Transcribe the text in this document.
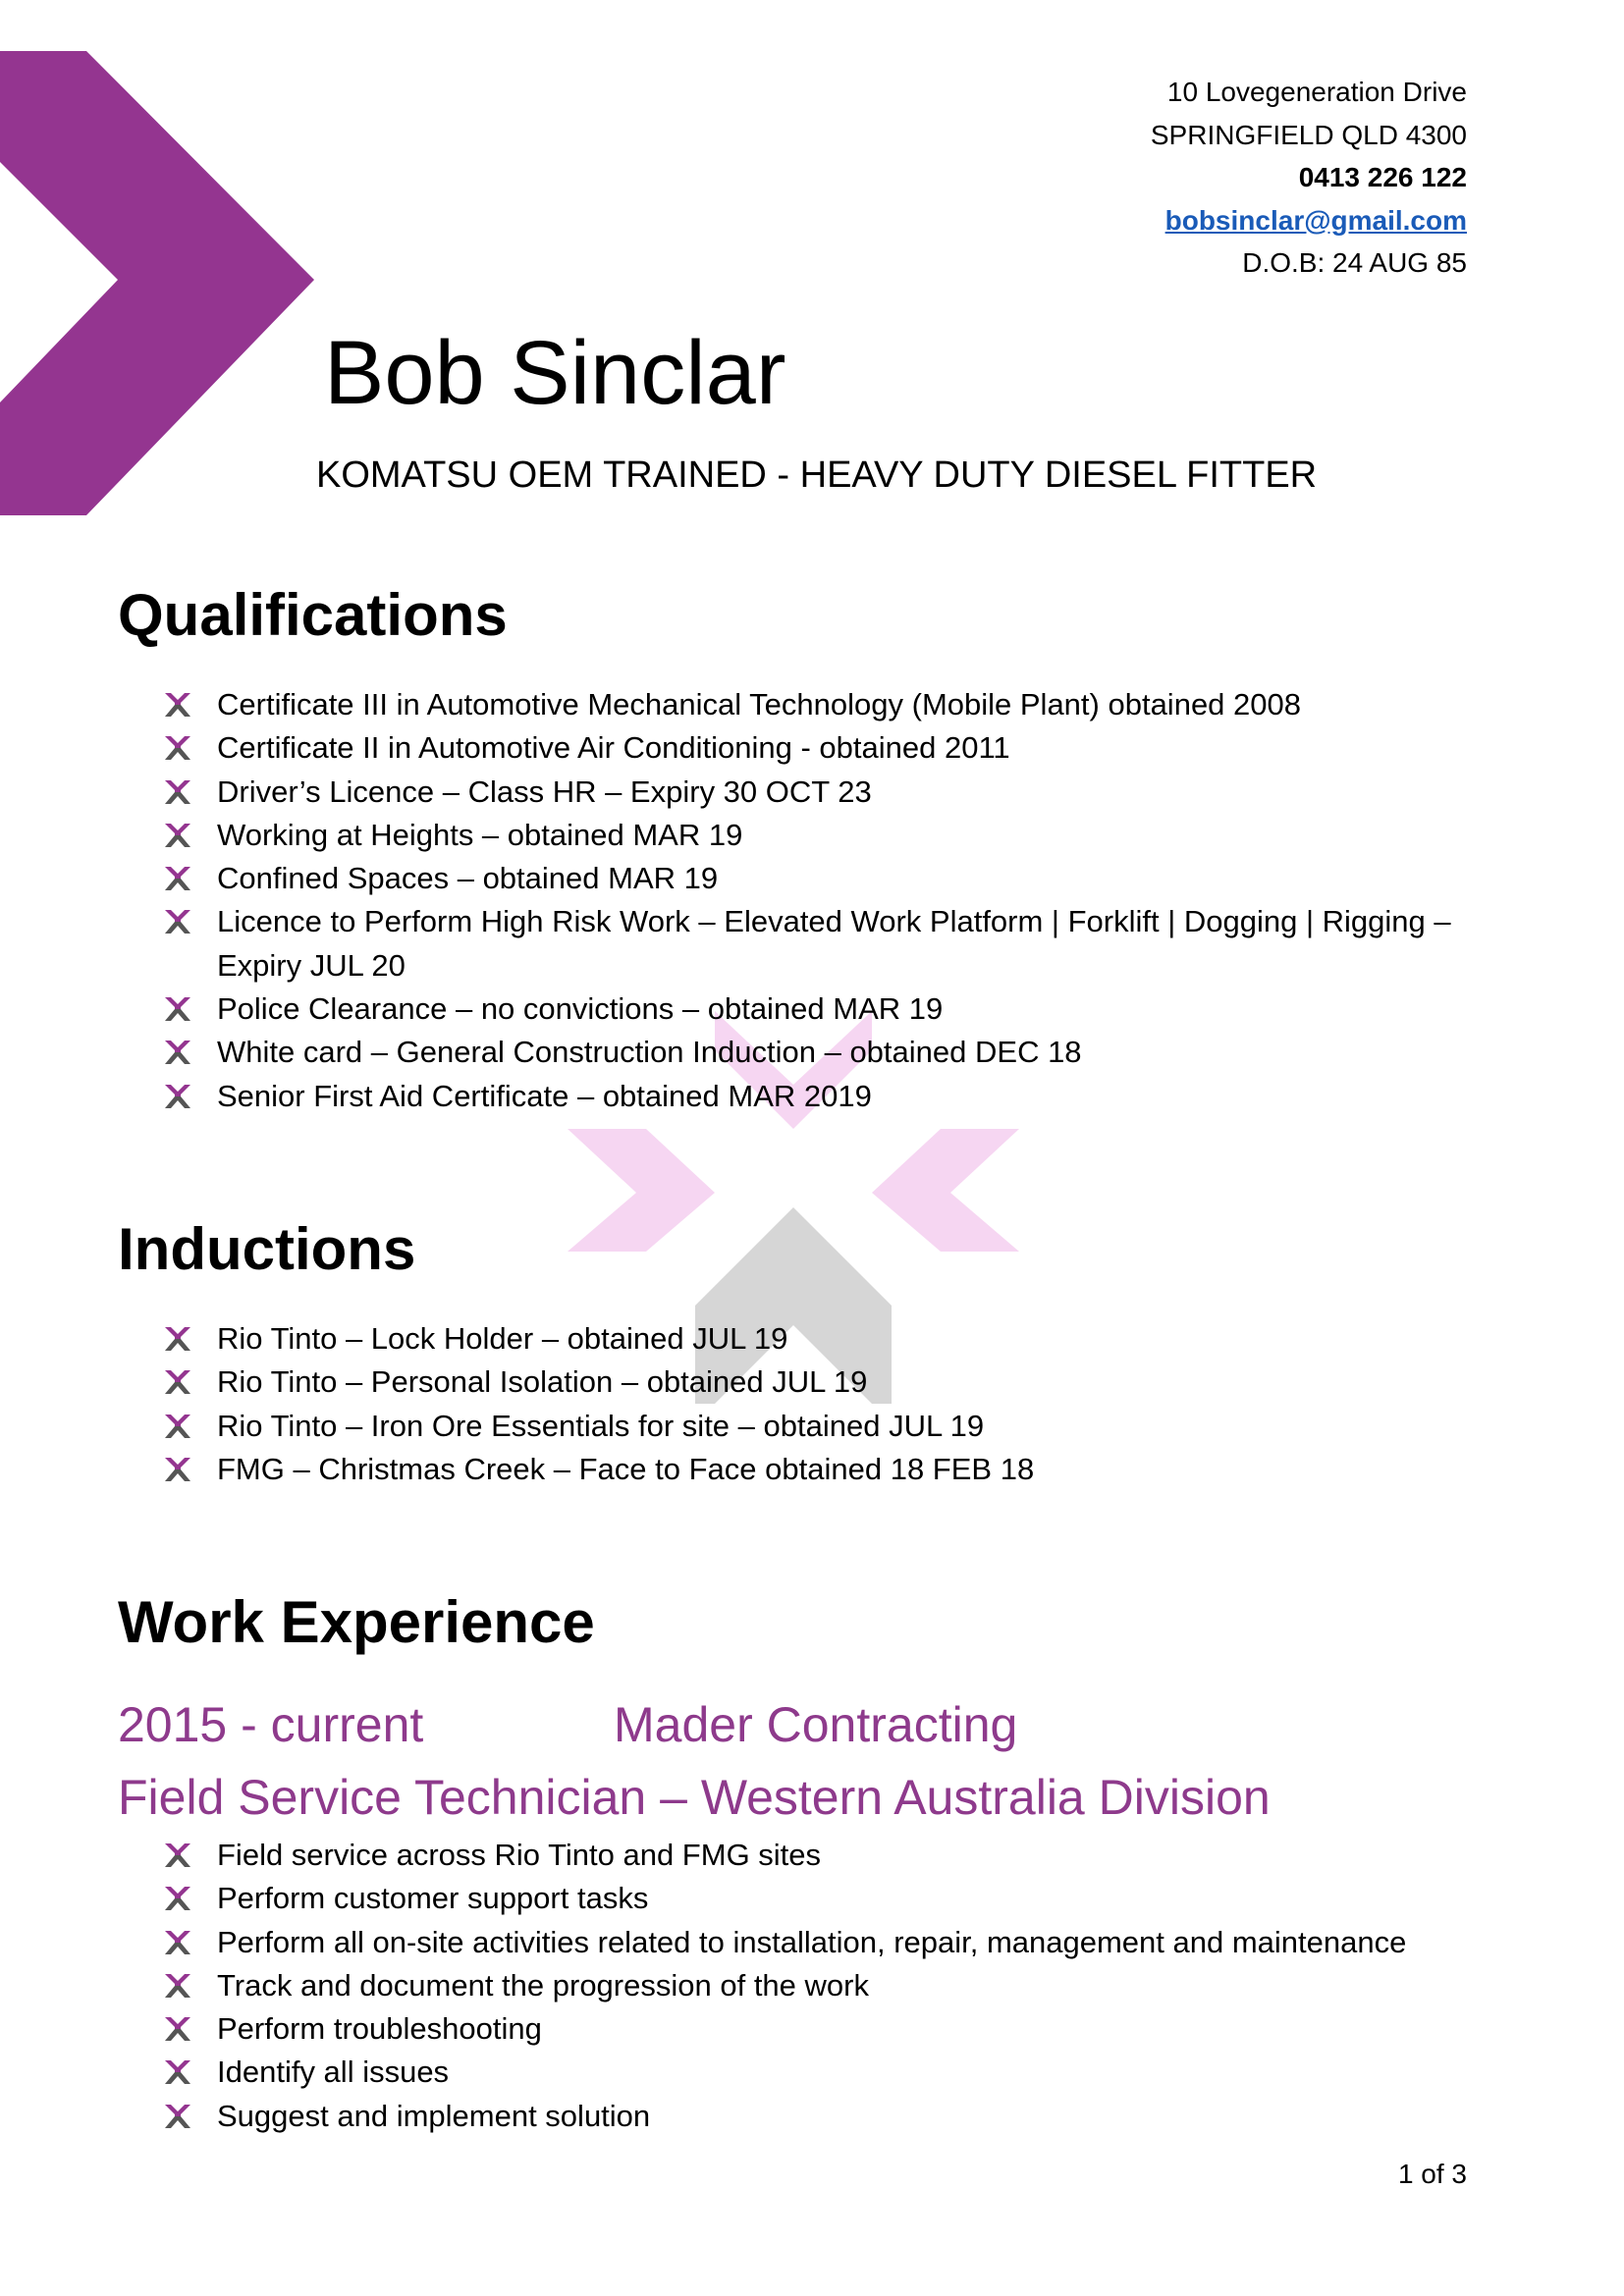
10 Lovegeneration Drive
SPRINGFIELD QLD 4300
0413 226 122
bobsinclar@gmail.com
D.O.B: 24 AUG 85
Bob Sinclar
KOMATSU OEM TRAINED - HEAVY DUTY DIESEL FITTER
Qualifications
Certificate III in Automotive Mechanical Technology (Mobile Plant) obtained 2008
Certificate II in Automotive Air Conditioning - obtained 2011
Driver’s Licence – Class HR – Expiry 30 OCT 23
Working at Heights – obtained MAR 19
Confined Spaces – obtained MAR 19
Licence to Perform High Risk Work – Elevated Work Platform | Forklift | Dogging | Rigging – Expiry JUL 20
Police Clearance – no convictions – obtained MAR 19
White card – General Construction Induction – obtained DEC 18
Senior First Aid Certificate – obtained MAR 2019
Inductions
Rio Tinto – Lock Holder – obtained JUL 19
Rio Tinto – Personal Isolation – obtained JUL 19
Rio Tinto – Iron Ore Essentials for site – obtained JUL 19
FMG – Christmas Creek – Face to Face obtained 18 FEB 18
Work Experience
2015 - current	Mader Contracting
Field Service Technician – Western Australia Division
Field service across Rio Tinto and FMG sites
Perform customer support tasks
Perform all on-site activities related to installation, repair, management and maintenance
Track and document the progression of the work
Perform troubleshooting
Identify all issues
Suggest and implement solution
1 of 3
